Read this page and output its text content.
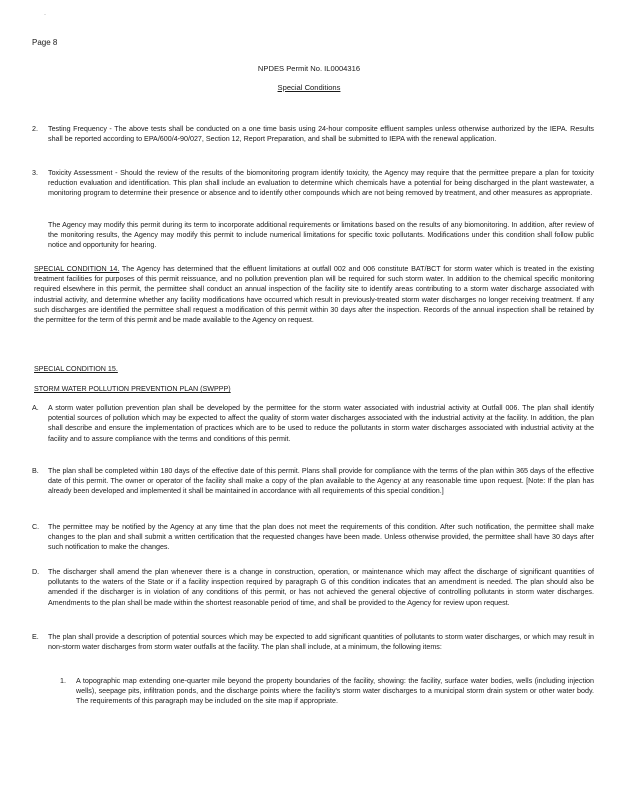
·
Page 8
NPDES Permit No. IL0004316
Special Conditions
2. Testing Frequency - The above tests shall be conducted on a one time basis using 24-hour composite effluent samples unless otherwise authorized by the IEPA. Results shall be reported according to EPA/600/4-90/027, Section 12, Report Preparation, and shall be submitted to IEPA with the renewal application.
3. Toxicity Assessment - Should the review of the results of the biomonitoring program identify toxicity, the Agency may require that the permittee prepare a plan for toxicity reduction evaluation and identification. This plan shall include an evaluation to determine which chemicals have a potential for being discharged in the plant wastewater, a monitoring program to determine their presence or absence and to identify other compounds which are not being removed by treatment, and other measures as appropriate.
The Agency may modify this permit during its term to incorporate additional requirements or limitations based on the results of any biomonitoring. In addition, after review of the monitoring results, the Agency may modify this permit to include numerical limitations for specific toxic pollutants. Modifications under this condition shall follow public notice and opportunity for hearing.
SPECIAL CONDITION 14. The Agency has determined that the effluent limitations at outfall 002 and 006 constitute BAT/BCT for storm water which is treated in the existing treatment facilities for purposes of this permit reissuance, and no pollution prevention plan will be required for such storm water. In addition to the chemical specific monitoring required elsewhere in this permit, the permittee shall conduct an annual inspection of the facility site to identify areas contributing to a storm water discharge associated with industrial activity, and determine whether any facility modifications have occurred which result in previously-treated storm water discharges no longer receiving treatment. If any such discharges are identified the permittee shall request a modification of this permit within 30 days after the inspection. Records of the annual inspection shall be retained by the permittee for the term of this permit and be made available to the Agency on request.
SPECIAL CONDITION 15.
STORM WATER POLLUTION PREVENTION PLAN (SWPPP)
A. A storm water pollution prevention plan shall be developed by the permittee for the storm water associated with industrial activity at Outfall 006. The plan shall identify potential sources of pollution which may be expected to affect the quality of storm water discharges associated with the industrial activity at the facility. In addition, the plan shall describe and ensure the implementation of practices which are to be used to reduce the pollutants in storm water discharges associated with industrial activity at the facility and to assure compliance with the terms and conditions of this permit.
B. The plan shall be completed within 180 days of the effective date of this permit. Plans shall provide for compliance with the terms of the plan within 365 days of the effective date of this permit. The owner or operator of the facility shall make a copy of the plan available to the Agency at any reasonable time upon request. [Note: If the plan has already been developed and implemented it shall be maintained in accordance with all requirements of this special condition.]
C. The permittee may be notified by the Agency at any time that the plan does not meet the requirements of this condition. After such notification, the permittee shall make changes to the plan and shall submit a written certification that the requested changes have been made. Unless otherwise provided, the permittee shall have 30 days after such notification to make the changes.
D. The discharger shall amend the plan whenever there is a change in construction, operation, or maintenance which may affect the discharge of significant quantities of pollutants to the waters of the State or if a facility inspection required by paragraph G of this condition indicates that an amendment is needed. The plan should also be amended if the discharger is in violation of any conditions of this permit, or has not achieved the general objective of controlling pollutants in storm water discharges. Amendments to the plan shall be made within the shortest reasonable period of time, and shall be provided to the Agency for review upon request.
E. The plan shall provide a description of potential sources which may be expected to add significant quantities of pollutants to storm water discharges, or which may result in non-storm water discharges from storm water outfalls at the facility. The plan shall include, at a minimum, the following items:
1. A topographic map extending one-quarter mile beyond the property boundaries of the facility, showing: the facility, surface water bodies, wells (including injection wells), seepage pits, infiltration ponds, and the discharge points where the facility's storm water discharges to a municipal storm drain system or other water body. The requirements of this paragraph may be included on the site map if appropriate.
